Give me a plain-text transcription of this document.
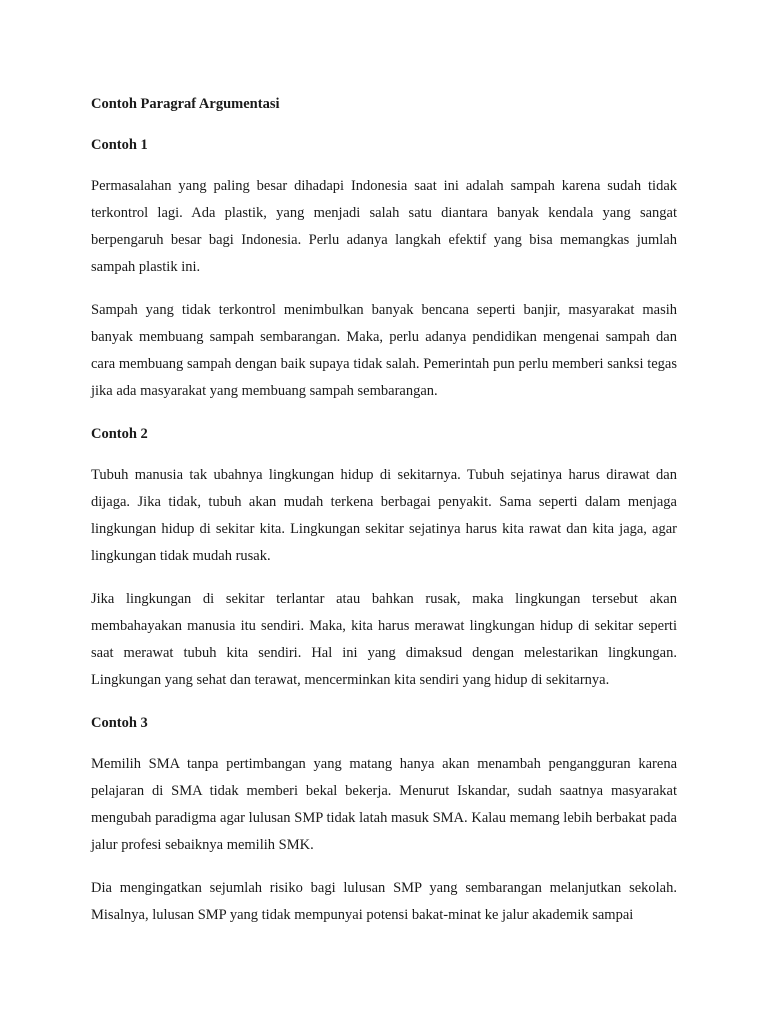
Contoh Paragraf Argumentasi
Contoh 1

Permasalahan yang paling besar dihadapi Indonesia saat ini adalah sampah karena sudah tidak terkontrol lagi. Ada plastik, yang menjadi salah satu diantara banyak kendala yang sangat berpengaruh besar bagi Indonesia. Perlu adanya langkah efektif yang bisa memangkas jumlah sampah plastik ini.

Sampah yang tidak terkontrol menimbulkan banyak bencana seperti banjir, masyarakat masih banyak membuang sampah sembarangan. Maka, perlu adanya pendidikan mengenai sampah dan cara membuang sampah dengan baik supaya tidak salah. Pemerintah pun perlu memberi sanksi tegas jika ada masyarakat yang membuang sampah sembarangan.

Contoh 2

Tubuh manusia tak ubahnya lingkungan hidup di sekitarnya. Tubuh sejatinya harus dirawat dan dijaga. Jika tidak, tubuh akan mudah terkena berbagai penyakit. Sama seperti dalam menjaga lingkungan hidup di sekitar kita. Lingkungan sekitar sejatinya harus kita rawat dan kita jaga, agar lingkungan tidak mudah rusak.

Jika lingkungan di sekitar terlantar atau bahkan rusak, maka lingkungan tersebut akan membahayakan manusia itu sendiri. Maka, kita harus merawat lingkungan hidup di sekitar seperti saat merawat tubuh kita sendiri. Hal ini yang dimaksud dengan melestarikan lingkungan. Lingkungan yang sehat dan terawat, mencerminkan kita sendiri yang hidup di sekitarnya.

Contoh 3

Memilih SMA tanpa pertimbangan yang matang hanya akan menambah pengangguran karena pelajaran di SMA tidak memberi bekal bekerja. Menurut Iskandar, sudah saatnya masyarakat mengubah paradigma agar lulusan SMP tidak latah masuk SMA. Kalau memang lebih berbakat pada jalur profesi sebaiknya memilih SMK.

Dia mengingatkan sejumlah risiko bagi lulusan SMP yang sembarangan melanjutkan sekolah. Misalnya, lulusan SMP yang tidak mempunyai potensi bakat-minat ke jalur akademik sampai
